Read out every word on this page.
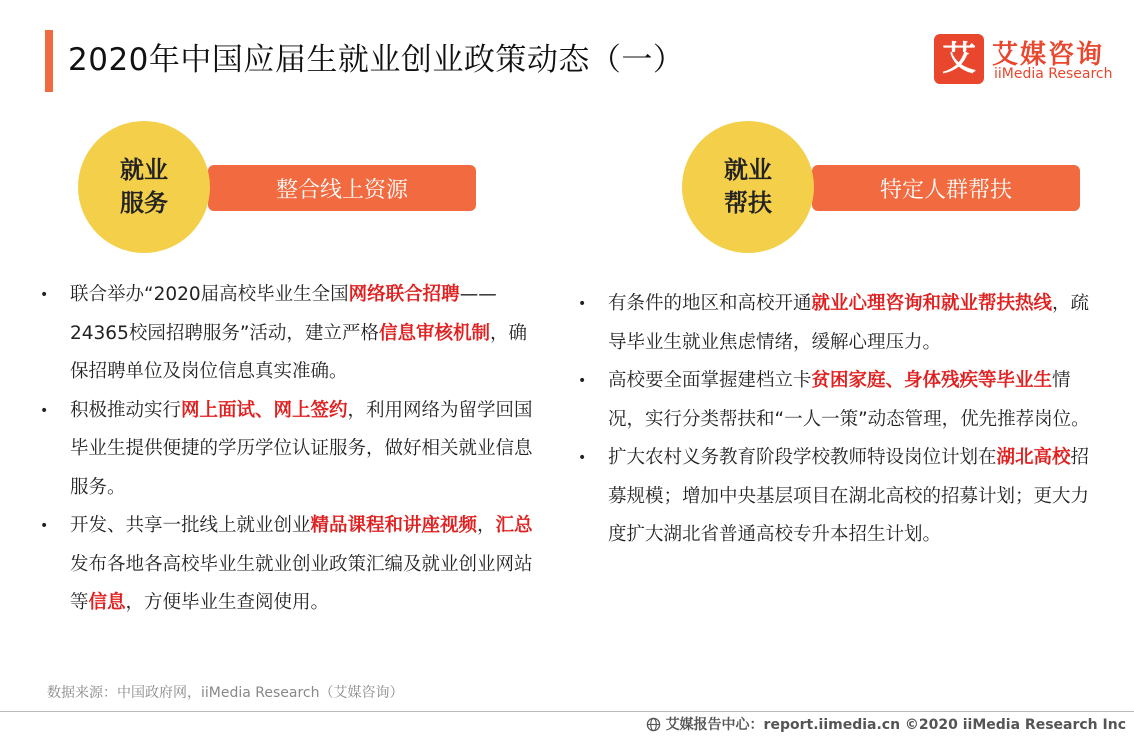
2020年中国应届生就业创业政策动态（一）	艾 艾媒咨询
iiMedia Research
就业
服务	整合线上资源
就业
帮扶	特定人群帮扶
• 联合举办“2020届高校毕业生全国网络联合招聘——24365校园招聘服务”活动，建立严格信息审核机制，确保招聘单位及岗位信息真实准确。
• 积极推动实行网上面试、网上签约，利用网络为留学回国毕业生提供便捷的学历学位认证服务，做好相关就业信息服务。
• 开发、共享一批线上就业创业精品课程和讲座视频，汇总发布各地各高校毕业生就业创业政策汇编及就业创业网站等信息，方便毕业生查阅使用。
• 有条件的地区和高校开通就业心理咨询和就业帮扶热线，疏导毕业生就业焦虑情绪，缓解心理压力。
• 高校要全面掌握建档立卡贫困家庭、身体残疾等毕业生情况，实行分类帮扶和“一人一策”动态管理，优先推荐岗位。
• 扩大农村义务教育阶段学校教师特设岗位计划在湖北高校招募规模；增加中央基层项目在湖北高校的招募计划；更大力度扩大湖北省普通高校专升本招生计划。
数据来源：中国政府网，iiMedia Research（艾媒咨询）
艾媒报告中心：report.iimedia.cn ©2020 iiMedia Research Inc
